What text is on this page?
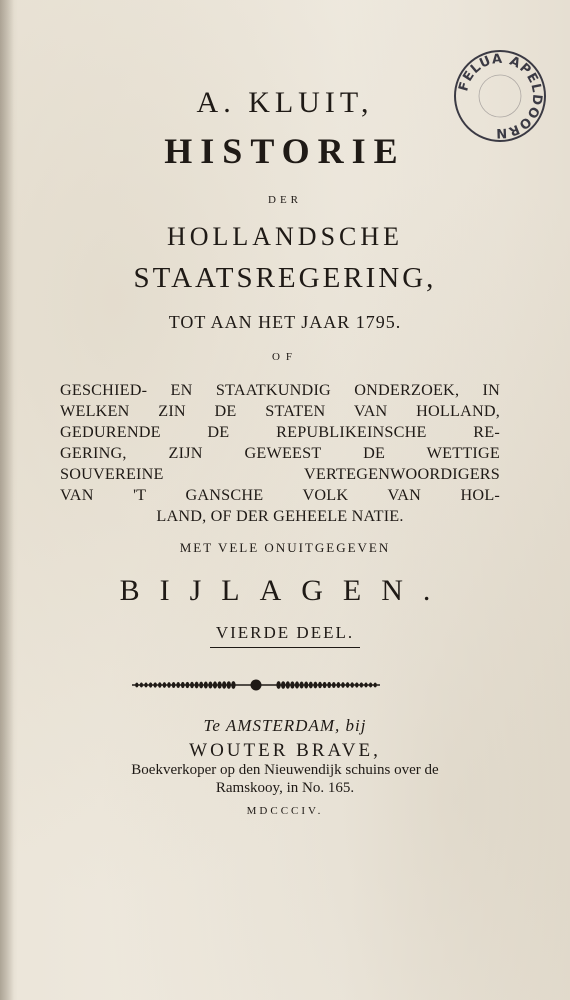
FELUA APELDOORN
A. KLUIT,
HISTORIE
DER
HOLLANDSCHE
STAATSREGERING,
TOT AAN HET JAAR 1795.
OF
GESCHIED- EN STAATKUNDIG ONDERZOEK, IN
WELKEN ZIN DE STATEN VAN HOLLAND,
GEDURENDE DE REPUBLIKEINSCHE RE-
GERING, ZIJN GEWEEST DE WETTIGE
SOUVEREINE VERTEGENWOORDIGERS
VAN 'T GANSCHE VOLK VAN HOL-
LAND, OF DER GEHEELE NATIE.
MET VELE ONUITGEGEVEN
BIJLAGEN.
VIERDE DEEL.
Te AMSTERDAM, bij
WOUTER BRAVE,
Boekverkoper op den Nieuwendijk schuins over de
Ramskooy, in No. 165.
MDCCCIV.
